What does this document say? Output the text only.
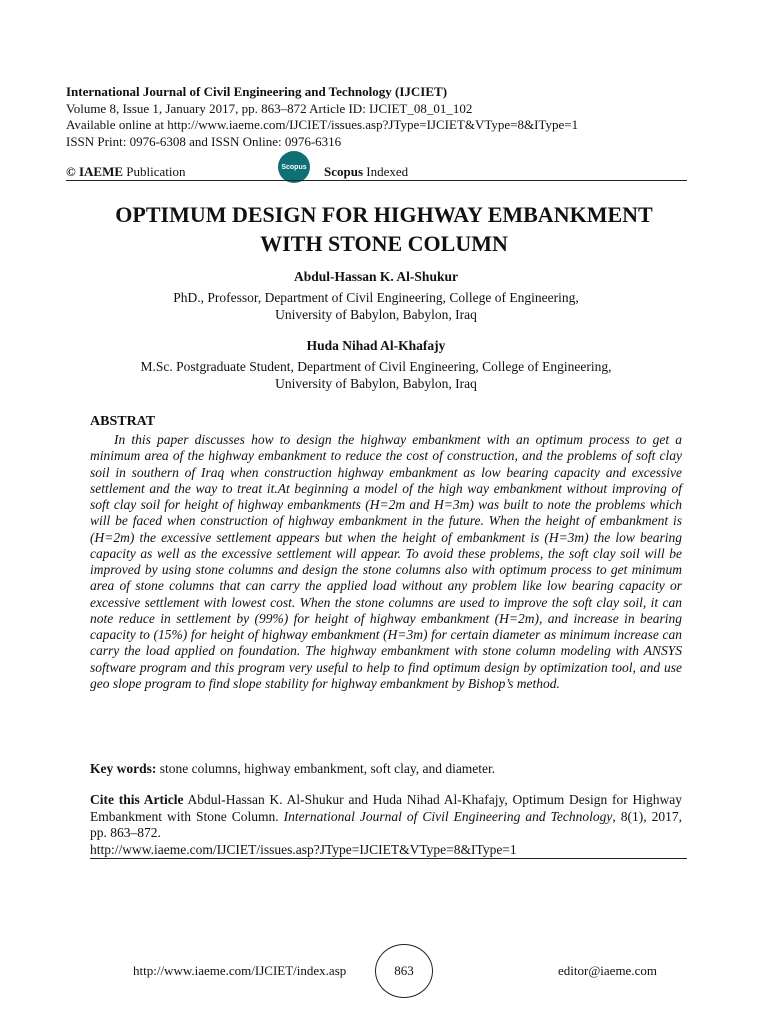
International Journal of Civil Engineering and Technology (IJCIET)
Volume 8, Issue 1, January 2017, pp. 863–872 Article ID: IJCIET_08_01_102
Available online at http://www.iaeme.com/IJCIET/issues.asp?JType=IJCIET&VType=8&IType=1
ISSN Print: 0976-6308 and ISSN Online: 0976-6316
© IAEME Publication	Scopus Scopus Indexed
OPTIMUM DESIGN FOR HIGHWAY EMBANKMENT
WITH STONE COLUMN
Abdul-Hassan K. Al-Shukur
PhD., Professor, Department of Civil Engineering, College of Engineering,
University of Babylon, Babylon, Iraq
Huda Nihad Al-Khafajy
M.Sc. Postgraduate Student, Department of Civil Engineering, College of Engineering,
University of Babylon, Babylon, Iraq
ABSTRAT

In this paper discusses how to design the highway embankment with an optimum process to get a minimum area of the highway embankment to reduce the cost of construction, and the problems of soft clay soil in southern of Iraq when construction highway embankment as low bearing capacity and excessive settlement and the way to treat it.At beginning a model of the high way embankment without improving of soft clay soil for height of highway embankments (H=2m and H=3m) was built to note the problems which will be faced when construction of highway embankment in the future. When the height of embankment is (H=2m) the excessive settlement appears but when the height of embankment is (H=3m) the low bearing capacity as well as the excessive settlement will appear. To avoid these problems, the soft clay soil will be improved by using stone columns and design the stone columns also with optimum process to get minimum area of stone columns that can carry the applied load without any problem like low bearing capacity or excessive settlement with lowest cost. When the stone columns are used to improve the soft clay soil, it can note reduce in settlement by (99%) for height of highway embankment (H=2m), and increase in bearing capacity to (15%) for height of highway embankment (H=3m) for certain diameter as minimum increase can carry the load applied on foundation. The highway embankment with stone column modeling with ANSYS software program and this program very useful to help to find optimum design by optimization tool, and use geo slope program to find slope stability for highway embankment by Bishop’s method.

Key words: stone columns, highway embankment, soft clay, and diameter.
Cite this Article Abdul-Hassan K. Al-Shukur and Huda Nihad Al-Khafajy, Optimum Design for Highway Embankment with Stone Column. International Journal of Civil Engineering and Technology, 8(1), 2017, pp. 863–872.
http://www.iaeme.com/IJCIET/issues.asp?JType=IJCIET&VType=8&IType=1
http://www.iaeme.com/IJCIET/index.asp	863	editor@iaeme.com
